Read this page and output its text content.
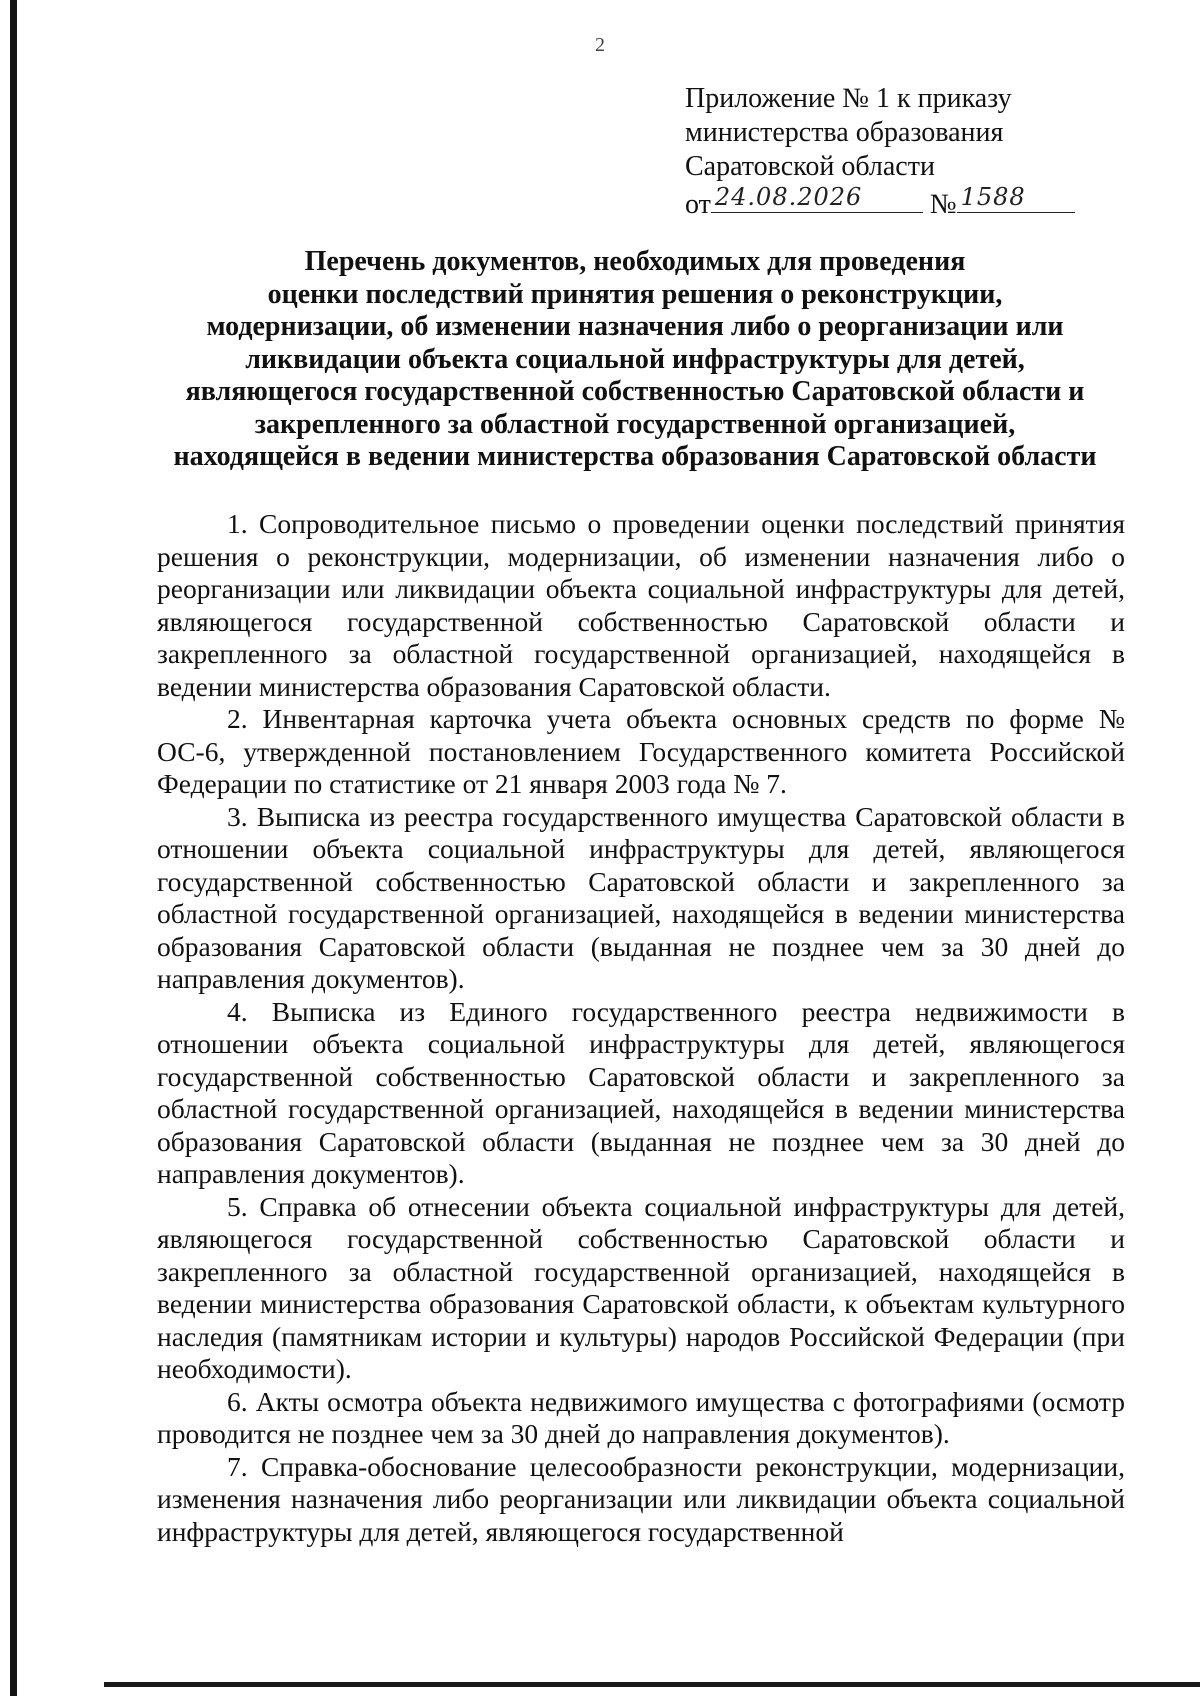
2
Приложение № 1 к приказу
министерства образования
Саратовской области
от 24.08.2026 № 1588
Перечень документов, необходимых для проведения
оценки последствий принятия решения о реконструкции,
модернизации, об изменении назначения либо о реорганизации или
ликвидации объекта социальной инфраструктуры для детей,
являющегося государственной собственностью Саратовской области и
закрепленного за областной государственной организацией,
находящейся в ведении министерства образования Саратовской области

1. Сопроводительное письмо о проведении оценки последствий принятия решения о реконструкции, модернизации, об изменении назначения либо о реорганизации или ликвидации объекта социальной инфраструктуры для детей, являющегося государственной собственностью Саратовской области и закрепленного за областной государственной организацией, находящейся в ведении министерства образования Саратовской области.

2. Инвентарная карточка учета объекта основных средств по форме № ОС-6, утвержденной постановлением Государственного комитета Российской Федерации по статистике от 21 января 2003 года № 7.

3. Выписка из реестра государственного имущества Саратовской области в отношении объекта социальной инфраструктуры для детей, являющегося государственной собственностью Саратовской области и закрепленного за областной государственной организацией, находящейся в ведении министерства образования Саратовской области (выданная не позднее чем за 30 дней до направления документов).

4. Выписка из Единого государственного реестра недвижимости в отношении объекта социальной инфраструктуры для детей, являющегося государственной собственностью Саратовской области и закрепленного за областной государственной организацией, находящейся в ведении министерства образования Саратовской области (выданная не позднее чем за 30 дней до направления документов).

5. Справка об отнесении объекта социальной инфраструктуры для детей, являющегося государственной собственностью Саратовской области и закрепленного за областной государственной организацией, находящейся в ведении министерства образования Саратовской области, к объектам культурного наследия (памятникам истории и культуры) народов Российской Федерации (при необходимости).

6. Акты осмотра объекта недвижимого имущества с фотографиями (осмотр проводится не позднее чем за 30 дней до направления документов).

7. Справка-обоснование целесообразности реконструкции, модернизации, изменения назначения либо реорганизации или ликвидации объекта социальной инфраструктуры для детей, являющегося государственной
